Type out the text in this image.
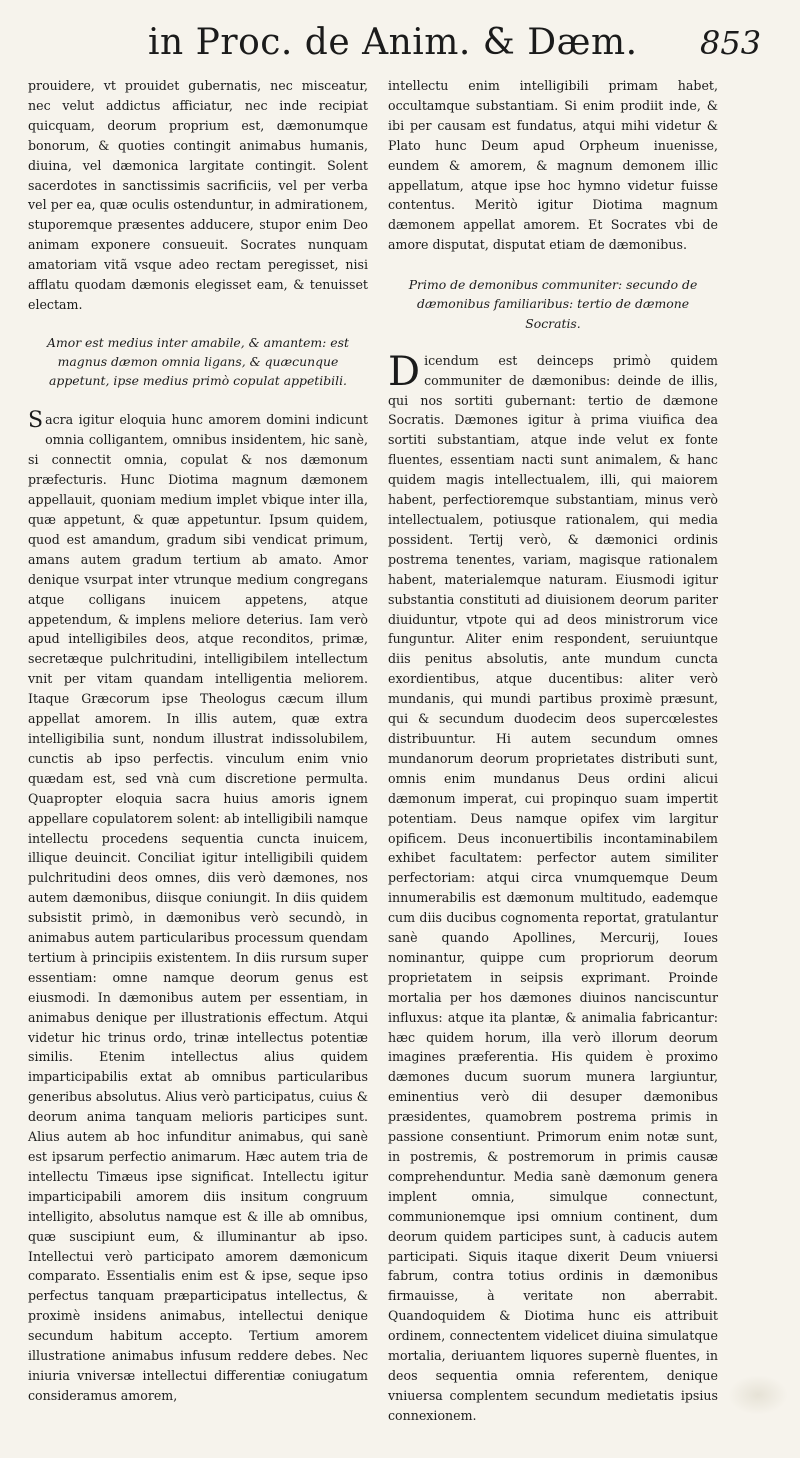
in Proc. de Anim. & Dæm. 853

prouidere, vt prouidet gubernatis, nec misceatur, nec velut addictus afficiatur, nec inde recipiat quicquam, deorum proprium est, dæmonumque bonorum, & quoties contingit animabus humanis, diuina, vel dæmonica largitate contingit. Solent sacerdotes in sanctissimis sacrificiis, vel per verba vel per ea, quæ oculis ostenduntur, in admirationem, stuporemque præsentes adducere, stupor enim Deo animam exponere consueuit. Socrates nunquam amatoriam vitã vsque adeo rectam peregisset, nisi afflatu quodam dæmonis elegisset eam, & tenuisset electam.

Amor est medius inter amabile, & amantem: est magnus dæmon omnia ligans, & quæcunque appetunt, ipse medius primò copulat appetibili.

Sacra igitur eloquia hunc amorem domini indicunt omnia colligantem, omnibus insidentem, hic sanè, si connectit omnia, copulat & nos dæmonum præfecturis. Hunc Diotima magnum dæmonem appellauit, quoniam medium implet vbique inter illa, quæ appetunt, & quæ appetuntur. Ipsum quidem, quod est amandum, gradum sibi vendicat primum, amans autem gradum tertium ab amato. Amor denique vsurpat inter vtrunque medium congregans atque colligans inuicem appetens, atque appetendum, & implens meliore deterius. Iam verò apud intelligibiles deos, atque reconditos, primæ, secretæque pulchritudini, intelligibilem intellectum vnit per vitam quandam intelligentia meliorem. Itaque Græcorum ipse Theologus cæcum illum appellat amorem. In illis autem, quæ extra intelligibilia sunt, nondum illustrat indissolubilem, cunctis ab ipso perfectis. vinculum enim vnio quædam est, sed vnà cum discretione permulta. Quapropter eloquia sacra huius amoris ignem appellare copulatorem solent: ab intelligibili namque intellectu procedens sequentia cuncta inuicem, illique deuincit. Conciliat igitur intelligibili quidem pulchritudini deos omnes, diis verò dæmones, nos autem dæmonibus, diisque coniungit. In diis quidem subsistit primò, in dæmonibus verò secundò, in animabus autem particularibus processum quendam tertium à principiis existentem. In diis rursum super essentiam: omne namque deorum genus est eiusmodi. In dæmonibus autem per essentiam, in animabus denique per illustrationis effectum. Atqui videtur hic trinus ordo, trinæ intellectus potentiæ similis. Etenim intellectus alius quidem imparticipabilis extat ab omnibus particularibus generibus absolutus. Alius verò participatus, cuius & deorum anima tanquam melioris participes sunt. Alius autem ab hoc infunditur animabus, qui sanè est ipsarum perfectio animarum. Hæc autem tria de intellectu Timæus ipse significat. Intellectu igitur imparticipabili amorem diis insitum congruum intelligito, absolutus namque est & ille ab omnibus, quæ suscipiunt eum, & illuminantur ab ipso. Intellectui verò participato amorem dæmonicum comparato. Essentialis enim est & ipse, seque ipso perfectus tanquam præparticipatus intellectus, & proximè insidens animabus, intellectui denique secundum habitum accepto. Tertium amorem illustratione animabus infusum reddere debes. Nec iniuria vniversæ intellectui differentiæ coniugatum consideramus amorem,

intellectu enim intelligibili primam habet, occultamque substantiam. Si enim prodiit inde, & ibi per causam est fundatus, atqui mihi videtur & Plato hunc Deum apud Orpheum inuenisse, eundem & amorem, & magnum demonem illic appellatum, atque ipse hoc hymno videtur fuisse contentus. Meritò igitur Diotima magnum dæmonem appellat amorem. Et Socrates vbi de amore disputat, disputat etiam de dæmonibus.

Primo de demonibus communiter: secundo de dæmonibus familiaribus: tertio de dæmone Socratis.

Dicendum est deinceps primò quidem communiter de dæmonibus: deinde de illis, qui nos sortiti gubernant: tertio de dæmone Socratis. Dæmones igitur à prima viuifica dea sortiti substantiam, atque inde velut ex fonte fluentes, essentiam nacti sunt animalem, & hanc quidem magis intellectualem, illi, qui maiorem habent, perfectioremque substantiam, minus verò intellectualem, potiusque rationalem, qui media possident. Tertij verò, & dæmonici ordinis postrema tenentes, variam, magisque rationalem habent, materialemque naturam. Eiusmodi igitur substantia constituti ad diuisionem deorum pariter diuiduntur, vtpote qui ad deos ministrorum vice funguntur. Aliter enim respondent, seruiuntque diis penitus absolutis, ante mundum cuncta exordientibus, atque ducentibus: aliter verò mundanis, qui mundi partibus proximè præsunt, qui & secundum duodecim deos supercœlestes distribuuntur. Hi autem secundum omnes mundanorum deorum proprietates distributi sunt, omnis enim mundanus Deus ordini alicui dæmonum imperat, cui propinquo suam impertit potentiam. Deus namque opifex vim largitur opificem. Deus inconuertibilis incontaminabilem exhibet facultatem: perfector autem similiter perfectoriam: atqui circa vnumquemque Deum innumerabilis est dæmonum multitudo, eademque cum diis ducibus cognomenta reportat, gratulantur sanè quando Apollines, Mercurij, Ioues nominantur, quippe cum propriorum deorum proprietatem in seipsis exprimant. Proinde mortalia per hos dæmones diuinos nanciscuntur influxus: atque ita plantæ, & animalia fabricantur: hæc quidem horum, illa verò illorum deorum imagines præferentia. His quidem è proximo dæmones ducum suorum munera largiuntur, eminentius verò dii desuper dæmonibus præsidentes, quamobrem postrema primis in passione consentiunt. Primorum enim notæ sunt, in postremis, & postremorum in primis causæ comprehenduntur. Media sanè dæmonum genera implent omnia, simulque connectunt, communionemque ipsi omnium continent, dum deorum quidem participes sunt, à caducis autem participati. Siquis itaque dixerit Deum vniuersi fabrum, contra totius ordinis in dæmonibus firmauisse, à veritate non aberrabit. Quandoquidem & Diotima hunc eis attribuit ordinem, connectentem videlicet diuina simulatque mortalia, deriuantem liquores supernè fluentes, in deos sequentia omnia referentem, denique vniuersa complentem secundum medietatis ipsius connexionem.
